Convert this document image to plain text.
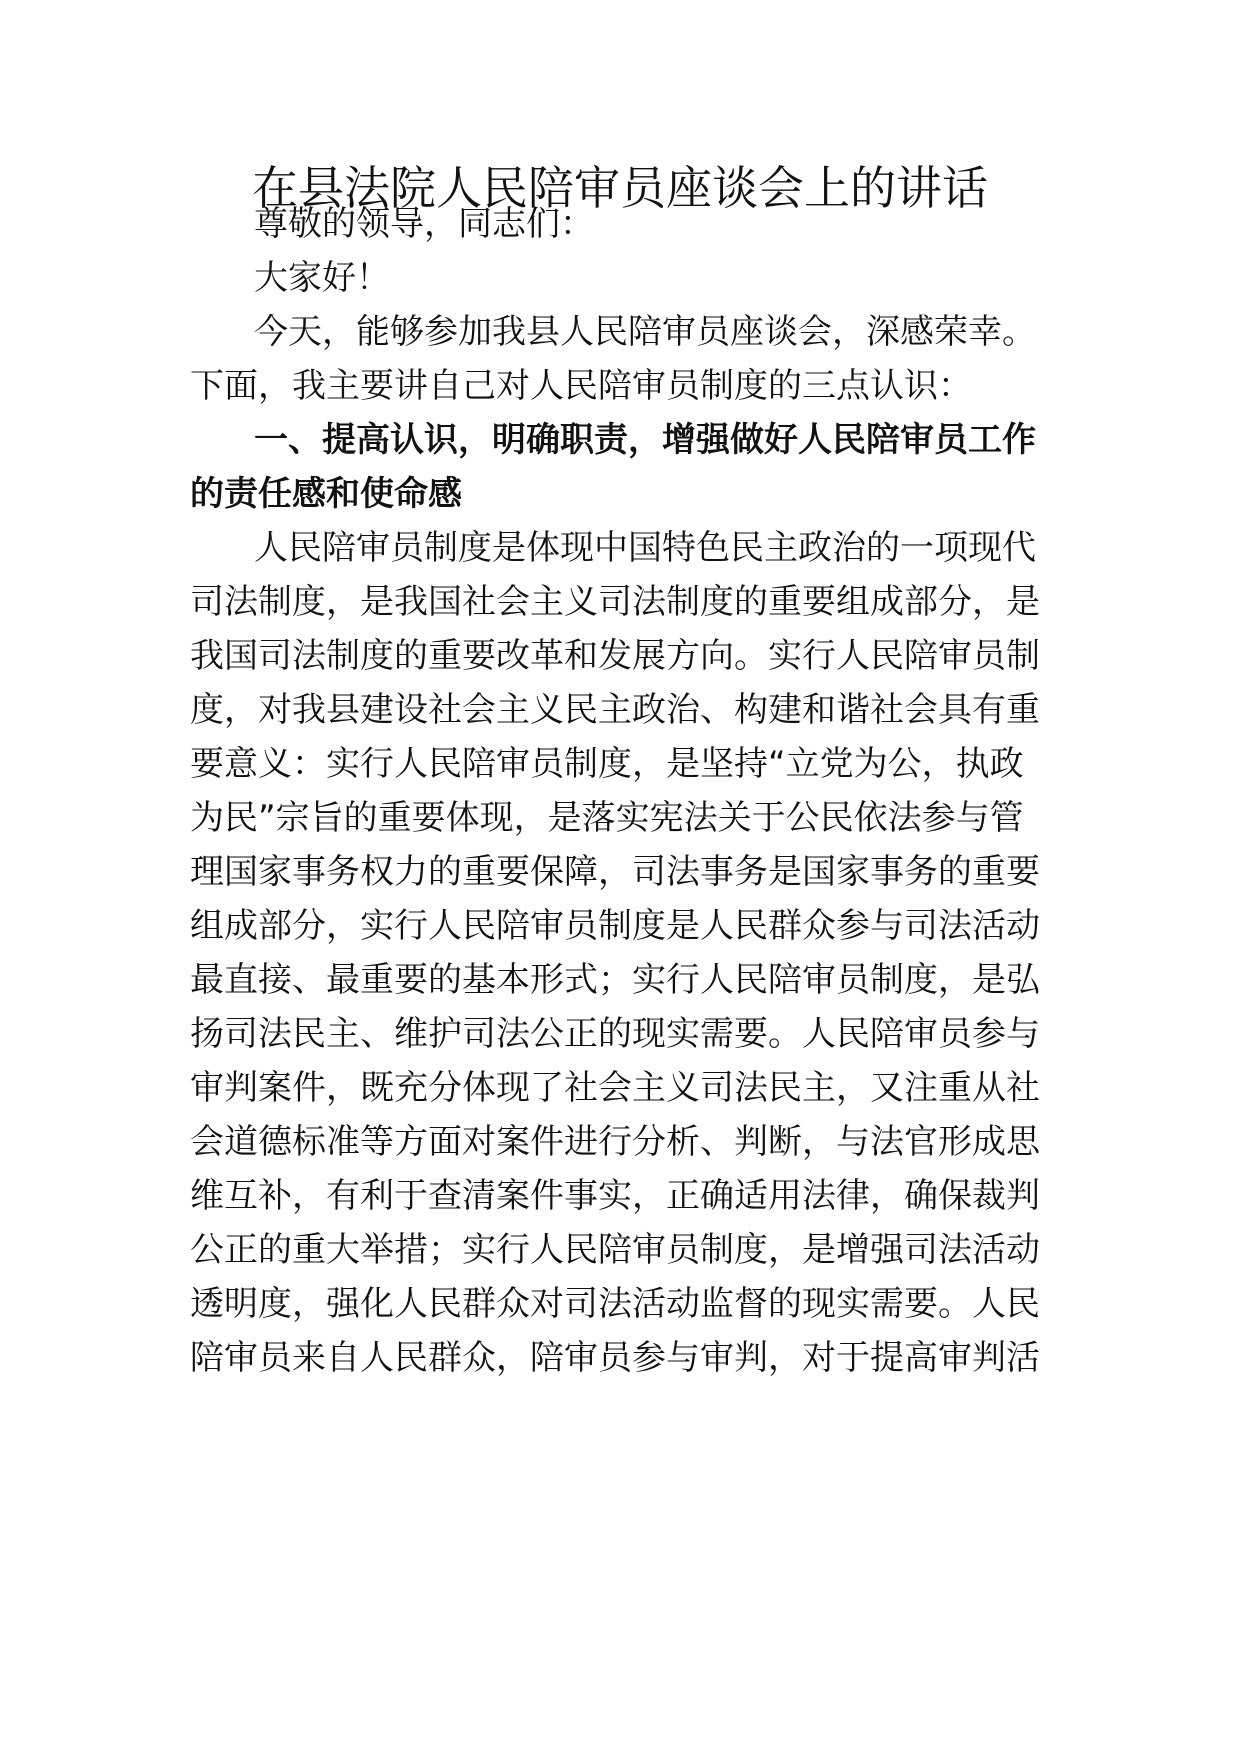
在县法院人民陪审员座谈会上的讲话

尊敬的领导，同志们：

大家好！

今天，能够参加我县人民陪审员座谈会，深感荣幸。

下面，我主要讲自己对人民陪审员制度的三点认识：

一、提高认识，明确职责，增强做好人民陪审员工作

的责任感和使命感

人民陪审员制度是体现中国特色民主政治的一项现代

司法制度，是我国社会主义司法制度的重要组成部分，是

我国司法制度的重要改革和发展方向。实行人民陪审员制

度，对我县建设社会主义民主政治、构建和谐社会具有重

要意义：实行人民陪审员制度，是坚持“立党为公，执政

为民”宗旨的重要体现，是落实宪法关于公民依法参与管

理国家事务权力的重要保障，司法事务是国家事务的重要

组成部分，实行人民陪审员制度是人民群众参与司法活动

最直接、最重要的基本形式；实行人民陪审员制度，是弘

扬司法民主、维护司法公正的现实需要。人民陪审员参与

审判案件，既充分体现了社会主义司法民主，又注重从社

会道德标准等方面对案件进行分析、判断，与法官形成思

维互补，有利于查清案件事实，正确适用法律，确保裁判

公正的重大举措；实行人民陪审员制度，是增强司法活动

透明度，强化人民群众对司法活动监督的现实需要。人民

陪审员来自人民群众，陪审员参与审判，对于提高审判活
